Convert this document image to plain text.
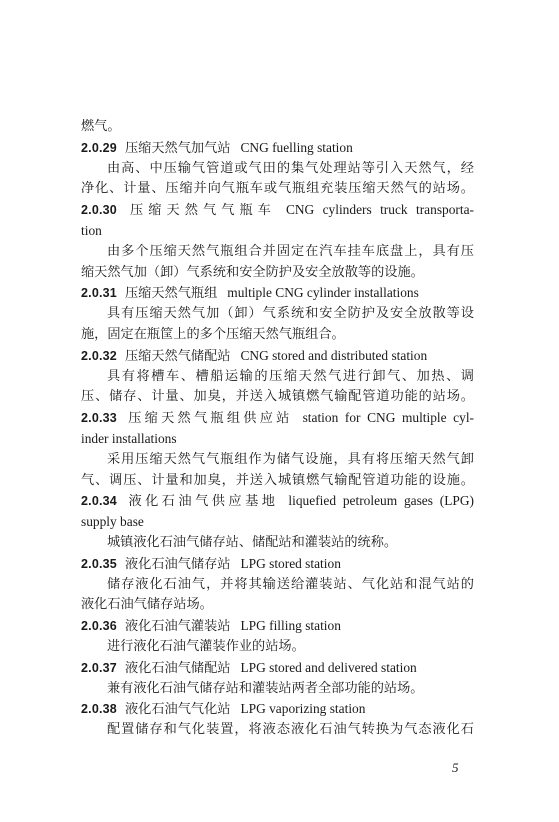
燃气。
2.0.29 压缩天然气加气站 CNG fuelling station
由高、中压输气管道或气田的集气处理站等引入天然气，经
净化、计量、压缩并向气瓶车或气瓶组充装压缩天然气的站场。
2.0.30 压缩天然气气瓶车 CNG cylinders truck transporta-
tion
由多个压缩天然气瓶组合并固定在汽车挂车底盘上，具有压
缩天然气加（卸）气系统和安全防护及安全放散等的设施。
2.0.31 压缩天然气瓶组 multiple CNG cylinder installations
具有压缩天然气加（卸）气系统和安全防护及安全放散等设
施，固定在瓶筐上的多个压缩天然气瓶组合。
2.0.32 压缩天然气储配站 CNG stored and distributed station
具有将槽车、槽船运输的压缩天然气进行卸气、加热、调
压、储存、计量、加臭，并送入城镇燃气输配管道功能的站场。
2.0.33 压缩天然气瓶组供应站 station for CNG multiple cyl-
inder installations
采用压缩天然气气瓶组作为储气设施，具有将压缩天然气卸
气、调压、计量和加臭，并送入城镇燃气输配管道功能的设施。
2.0.34 液化石油气供应基地 liquefied petroleum gases (LPG)
supply base
城镇液化石油气储存站、储配站和灌装站的统称。
2.0.35 液化石油气储存站 LPG stored station
储存液化石油气，并将其输送给灌装站、气化站和混气站的
液化石油气储存站场。
2.0.36 液化石油气灌装站 LPG filling station
进行液化石油气灌装作业的站场。
2.0.37 液化石油气储配站 LPG stored and delivered station
兼有液化石油气储存站和灌装站两者全部功能的站场。
2.0.38 液化石油气气化站 LPG vaporizing station
配置储存和气化装置，将液态液化石油气转换为气态液化石
5
